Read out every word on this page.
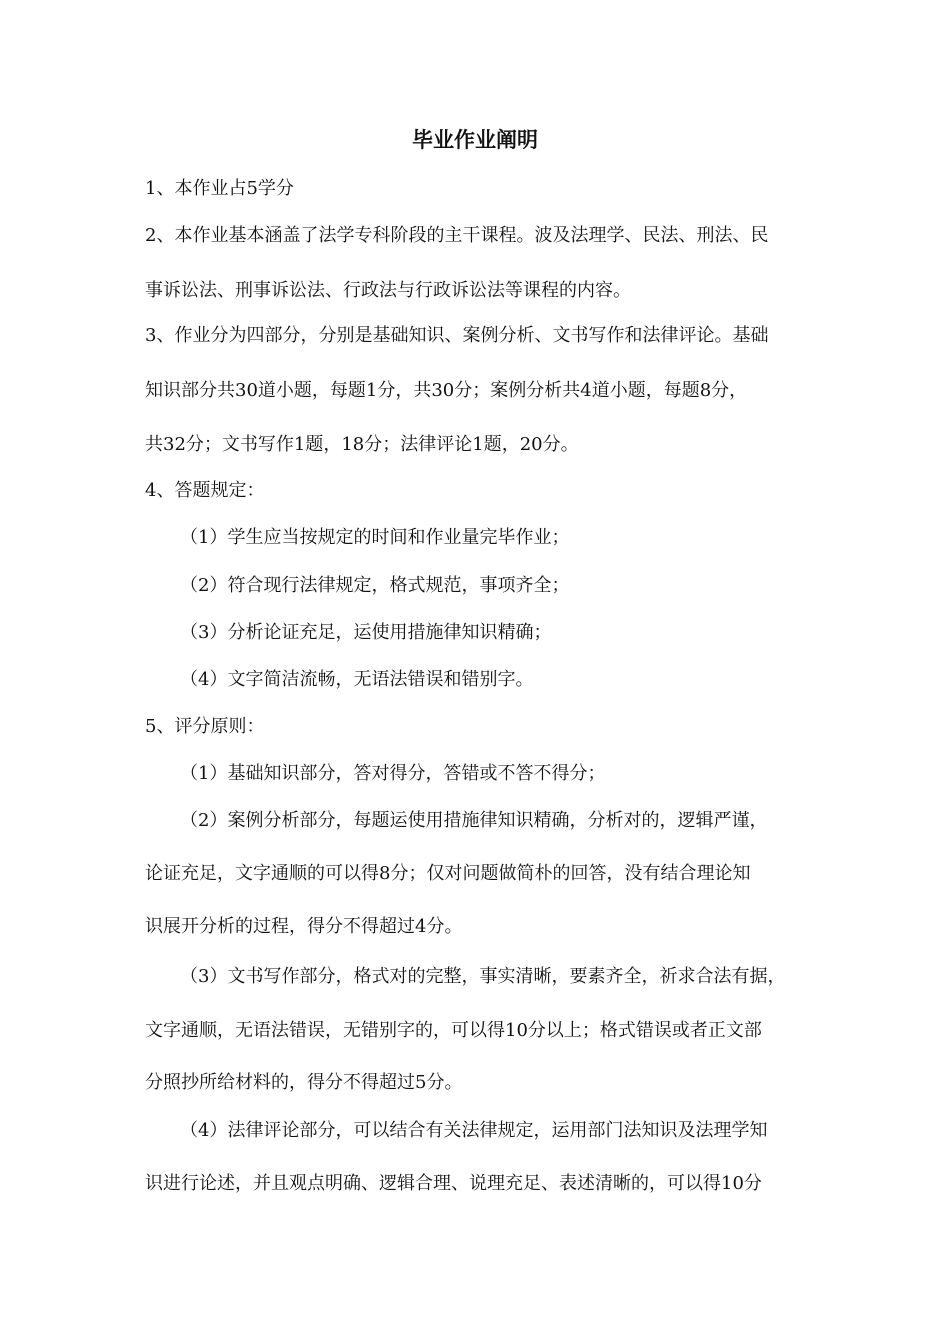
毕业作业阐明
1、本作业占5学分
2、本作业基本涵盖了法学专科阶段的主干课程。波及法理学、民法、刑法、民
事诉讼法、刑事诉讼法、行政法与行政诉讼法等课程的内容。
3、作业分为四部分，分别是基础知识、案例分析、文书写作和法律评论。基础
知识部分共30道小题，每题1分，共30分；案例分析共4道小题，每题8分，
共32分；文书写作1题，18分；法律评论1题，20分。
4、答题规定：
（1）学生应当按规定的时间和作业量完毕作业；
（2）符合现行法律规定，格式规范，事项齐全；
（3）分析论证充足，运使用措施律知识精确；
（4）文字简洁流畅，无语法错误和错别字。
5、评分原则：
（1）基础知识部分，答对得分，答错或不答不得分；
（2）案例分析部分，每题运使用措施律知识精确，分析对的，逻辑严谨，
论证充足，文字通顺的可以得8分；仅对问题做简朴的回答，没有结合理论知
识展开分析的过程，得分不得超过4分。
（3）文书写作部分，格式对的完整，事实清晰，要素齐全，祈求合法有据，
文字通顺，无语法错误，无错别字的，可以得10分以上；格式错误或者正文部
分照抄所给材料的，得分不得超过5分。
（4）法律评论部分，可以结合有关法律规定，运用部门法知识及法理学知
识进行论述，并且观点明确、逻辑合理、说理充足、表述清晰的，可以得10分
